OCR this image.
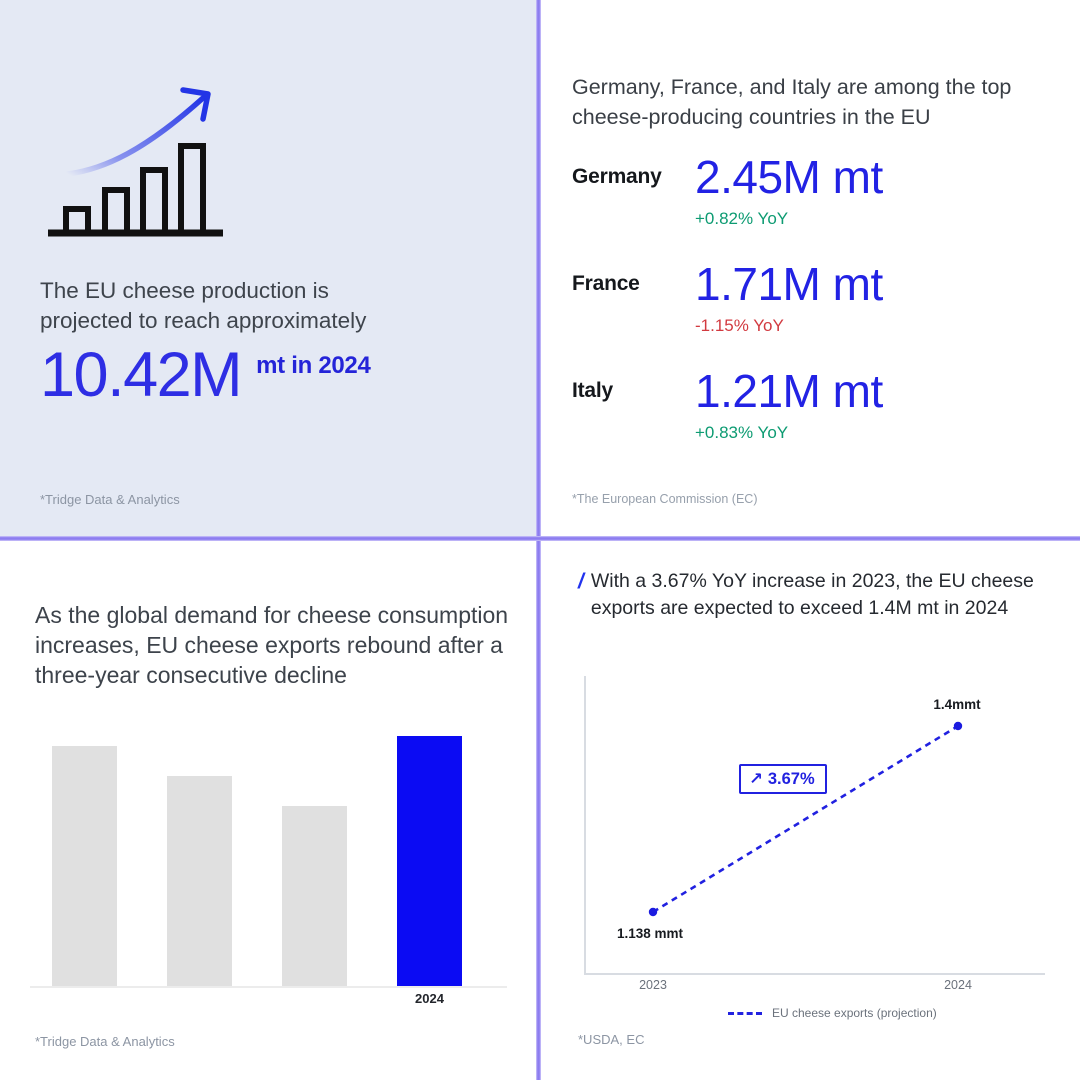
The EU cheese production is projected to reach approximately
10.42M mt in 2024
*Tridge Data & Analytics
Germany, France, and Italy are among the top cheese-producing countries in the EU
Germany 2.45M mt
+0.82% YoY
France	1.71M mt
-1.15% YoY
Italy	1.21M mt
+0.83% YoY
*The European Commission (EC)
As the global demand for cheese consumption increases, EU cheese exports rebound after a three-year consecutive decline
2024
*Tridge Data & Analytics
/ With a 3.67% YoY increase in 2023, the EU cheese exports are expected to exceed 1.4M mt in 2024
1.138 mmt
1.4mmt
↗ 3.67%
2023	2024
EU cheese exports (projection)
*USDA, EC
